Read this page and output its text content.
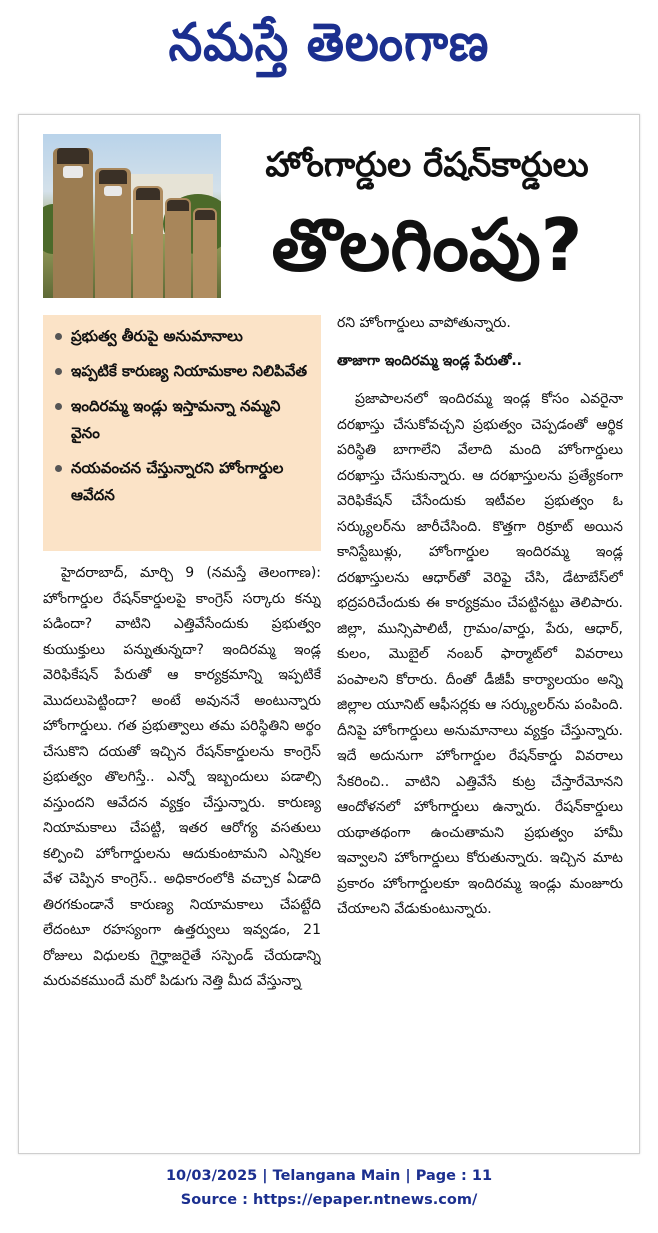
నమస్తే తెలంగాణ
హోంగార్డుల రేషన్‌కార్డులు
తొలగింపు?
ప్రభుత్వ తీరుపై అనుమానాలు
ఇప్పటికే కారుణ్య నియామకాల నిలిపివేత
ఇందిరమ్మ ఇండ్లు ఇస్తామన్నా నమ్మని వైనం
నయవంచన చేస్తున్నారని హోంగార్డుల ఆవేదన

హైదరాబాద్, మార్చి 9 (నమస్తే తెలంగాణ): హోంగార్డుల రేషన్‌కార్డులపై కాంగ్రెస్ సర్కారు కన్ను పడిందా? వాటిని ఎత్తివేసేందుకు ప్రభుత్వం కుయుక్తులు పన్నుతున్నదా? ఇందిరమ్మ ఇండ్ల వెరిఫికేషన్ పేరుతో ఆ కార్యక్రమాన్ని ఇప్పటికే మొదలుపెట్టిందా? అంటే అవుననే అంటున్నారు హోంగార్డులు. గత ప్రభుత్వాలు తమ పరిస్థితిని అర్థం చేసుకొని దయతో ఇచ్చిన రేషన్‌కార్డులను కాంగ్రెస్ ప్రభుత్వం తొలగిస్తే.. ఎన్నో ఇబ్బందులు పడాల్సి వస్తుందని ఆవేదన వ్యక్తం చేస్తున్నారు. కారుణ్య నియామకాలు చేపట్టి, ఇతర ఆరోగ్య వసతులు కల్పించి హోంగార్డులను ఆదుకుంటామని ఎన్నికల వేళ చెప్పిన కాంగ్రెస్.. అధికారంలోకి వచ్చాక ఏడాది తిరగకుండానే కారుణ్య నియామకాలు చేపట్టేది లేదంటూ రహస్యంగా ఉత్తర్వులు ఇవ్వడం, 21 రోజులు విధులకు గైర్హాజరైతే సస్పెండ్ చేయడాన్ని మరువకముందే మరో పిడుగు నెత్తి మీద వేస్తున్నా

రని హోంగార్డులు వాపోతున్నారు.
తాజాగా ఇందిరమ్మ ఇండ్ల పేరుతో..

ప్రజాపాలనలో ఇందిరమ్మ ఇండ్ల కోసం ఎవరైనా దరఖాస్తు చేసుకోవచ్చని ప్రభుత్వం చెప్పడంతో ఆర్థిక పరిస్థితి బాగాలేని వేలాది మంది హోంగార్డులు దరఖాస్తు చేసుకున్నారు. ఆ దరఖాస్తులను ప్రత్యేకంగా వెరిఫికేషన్ చేసేందుకు ఇటీవల ప్రభుత్వం ఓ సర్క్యులర్‌ను జారీచేసింది. కొత్తగా రిక్రూట్ అయిన కానిస్టేబుళ్లు, హోంగార్డుల ఇందిరమ్మ ఇండ్ల దరఖాస్తులను ఆధార్‌తో వెరిఫై చేసి, డేటాబేస్‌లో భద్రపరిచేందుకు ఈ కార్యక్రమం చేపట్టినట్టు తెలిపారు. జిల్లా, మున్సిపాలిటీ, గ్రామం/వార్డు, పేరు, ఆధార్, కులం, మొబైల్ నంబర్ ఫార్మాట్‌లో వివరాలు పంపాలని కోరారు. దీంతో డీజీపీ కార్యాలయం అన్ని జిల్లాల యూనిట్ ఆఫీసర్లకు ఆ సర్క్యులర్‌ను పంపింది. దీనిపై హోంగార్డులు అనుమానాలు వ్యక్తం చేస్తున్నారు. ఇదే అదునుగా హోంగార్డుల రేషన్‌కార్డు వివరాలు సేకరించి.. వాటిని ఎత్తివేసే కుట్ర చేస్తారేమోనని ఆందోళనలో హోంగార్డులు ఉన్నారు. రేషన్‌కార్డులు యథాతథంగా ఉంచుతామని ప్రభుత్వం హామీ ఇవ్వాలని హోంగార్డులు కోరుతున్నారు. ఇచ్చిన మాట ప్రకారం హోంగార్డులకూ ఇందిరమ్మ ఇండ్లు మంజూరు చేయాలని వేడుకుంటున్నారు.

10/03/2025 | Telangana Main | Page : 11
Source : https://epaper.ntnews.com/
